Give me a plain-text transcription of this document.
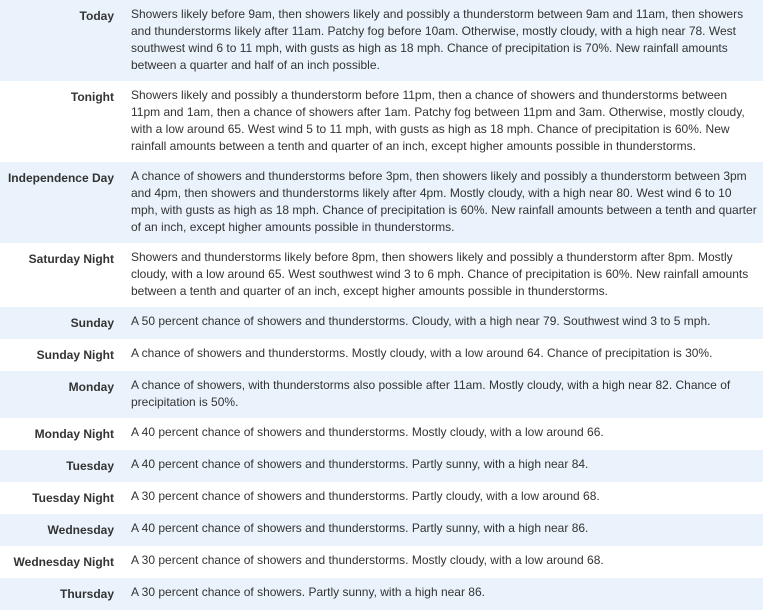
Today	Showers likely before 9am, then showers likely and possibly a thunderstorm between 9am and 11am, then showers and thunderstorms likely after 11am. Patchy fog before 10am. Otherwise, mostly cloudy, with a high near 78. West southwest wind 6 to 11 mph, with gusts as high as 18 mph. Chance of precipitation is 70%. New rainfall amounts between a quarter and half of an inch possible.
Tonight	Showers likely and possibly a thunderstorm before 11pm, then a chance of showers and thunderstorms between 11pm and 1am, then a chance of showers after 1am. Patchy fog between 11pm and 3am. Otherwise, mostly cloudy, with a low around 65. West wind 5 to 11 mph, with gusts as high as 18 mph. Chance of precipitation is 60%. New rainfall amounts between a tenth and quarter of an inch, except higher amounts possible in thunderstorms.
Independence Day	A chance of showers and thunderstorms before 3pm, then showers likely and possibly a thunderstorm between 3pm and 4pm, then showers and thunderstorms likely after 4pm. Mostly cloudy, with a high near 80. West wind 6 to 10 mph, with gusts as high as 18 mph. Chance of precipitation is 60%. New rainfall amounts between a tenth and quarter of an inch, except higher amounts possible in thunderstorms.
Saturday Night	Showers and thunderstorms likely before 8pm, then showers likely and possibly a thunderstorm after 8pm. Mostly cloudy, with a low around 65. West southwest wind 3 to 6 mph. Chance of precipitation is 60%. New rainfall amounts between a tenth and quarter of an inch, except higher amounts possible in thunderstorms.
Sunday	A 50 percent chance of showers and thunderstorms. Cloudy, with a high near 79. Southwest wind 3 to 5 mph.
Sunday Night	A chance of showers and thunderstorms. Mostly cloudy, with a low around 64. Chance of precipitation is 30%.
Monday	A chance of showers, with thunderstorms also possible after 11am. Mostly cloudy, with a high near 82. Chance of precipitation is 50%.
Monday Night	A 40 percent chance of showers and thunderstorms. Mostly cloudy, with a low around 66.
Tuesday	A 40 percent chance of showers and thunderstorms. Partly sunny, with a high near 84.
Tuesday Night	A 30 percent chance of showers and thunderstorms. Partly cloudy, with a low around 68.
Wednesday	A 40 percent chance of showers and thunderstorms. Partly sunny, with a high near 86.
Wednesday Night	A 30 percent chance of showers and thunderstorms. Mostly cloudy, with a low around 68.
Thursday	A 30 percent chance of showers. Partly sunny, with a high near 86.
